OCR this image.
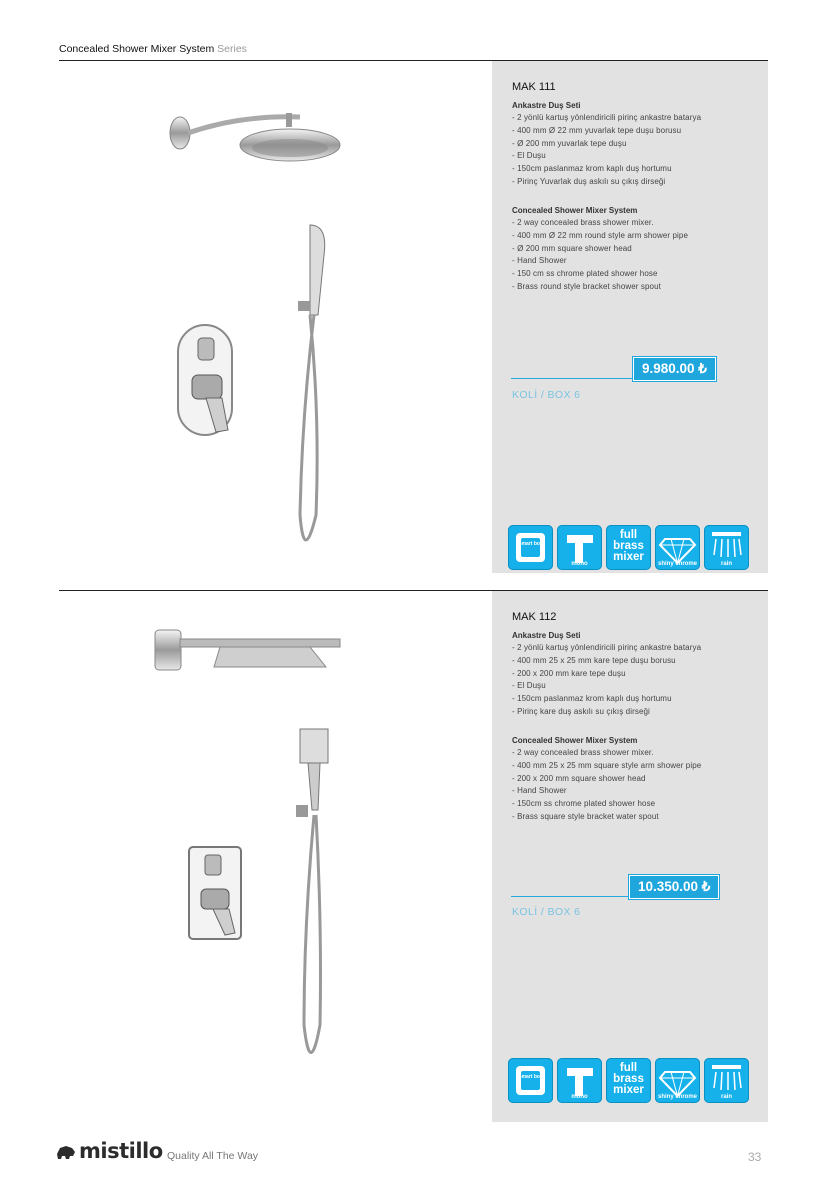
Concealed Shower Mixer System Series
MAK 111
Ankastre Duş Seti
- 2 yönlü kartuş yönlendiricili pirinç ankastre batarya
- 400 mm Ø 22 mm yuvarlak tepe duşu borusu
- Ø 200 mm yuvarlak tepe duşu
- El Duşu
- 150cm paslanmaz krom kaplı duş hortumu
- Pirinç Yuvarlak duş askılı su çıkış dirseği
Concealed Shower Mixer System
- 2 way concealed brass shower mixer.
- 400 mm Ø 22 mm round style arm shower pipe
- Ø 200 mm square shower head
- Hand Shower
- 150 cm ss chrome plated shower hose
- Brass round style bracket shower spout
9.980.00 ₺
KOLİ / BOX 6
Smart box
mono
full brass mixer
shiny chrome	rain
MAK 112
Ankastre Duş Seti
- 2 yönlü kartuş yönlendiricili pirinç ankastre batarya
- 400 mm 25 x 25 mm kare tepe duşu borusu
- 200 x 200 mm kare tepe duşu
- El Duşu
- 150cm paslanmaz krom kaplı duş hortumu
- Pirinç kare duş askılı su çıkış dirseği
Concealed Shower Mixer System
- 2 way concealed brass shower mixer.
- 400 mm 25 x 25 mm square style arm shower pipe
- 200 x 200 mm square shower head
- Hand Shower
- 150cm ss chrome plated shower hose
- Brass square style bracket water spout
10.350.00 ₺
KOLİ / BOX 6
Smart box
mono
full brass mixer
shiny chrome	rain
mistillo Quality All The Way	33
